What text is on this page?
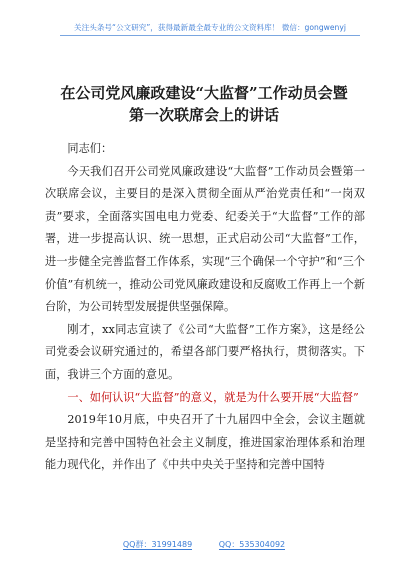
关注头条号“公文研究”，获得最新最全最专业的公文资料库！ 微信：gongwenyj
在公司党风廉政建设“大监督”工作动员会暨
第一次联席会上的讲话

同志们：

今天我们召开公司党风廉政建设“大监督”工作动员会暨第一次联席会议，主要目的是深入贯彻全面从严治党责任和“一岗双责”要求，全面落实国电电力党委、纪委关于“大监督”工作的部署，进一步提高认识、统一思想，正式启动公司“大监督”工作，进一步健全完善监督工作体系，实现“三个确保一个守护”和“三个价值”有机统一，推动公司党风廉政建设和反腐败工作再上一个新台阶，为公司转型发展提供坚强保障。

刚才，xx同志宣读了《公司“大监督”工作方案》，这是经公司党委会议研究通过的，希望各部门要严格执行，贯彻落实。下面，我讲三个方面的意见。

一、如何认识“大监督”的意义，就是为什么要开展“大监督”

2019年10月底，中央召开了十九届四中全会，会议主题就是坚持和完善中国特色社会主义制度，推进国家治理体系和治理能力现代化，并作出了《中共中央关于坚持和完善中国特

QQ群：31991489	QQ：535304092
